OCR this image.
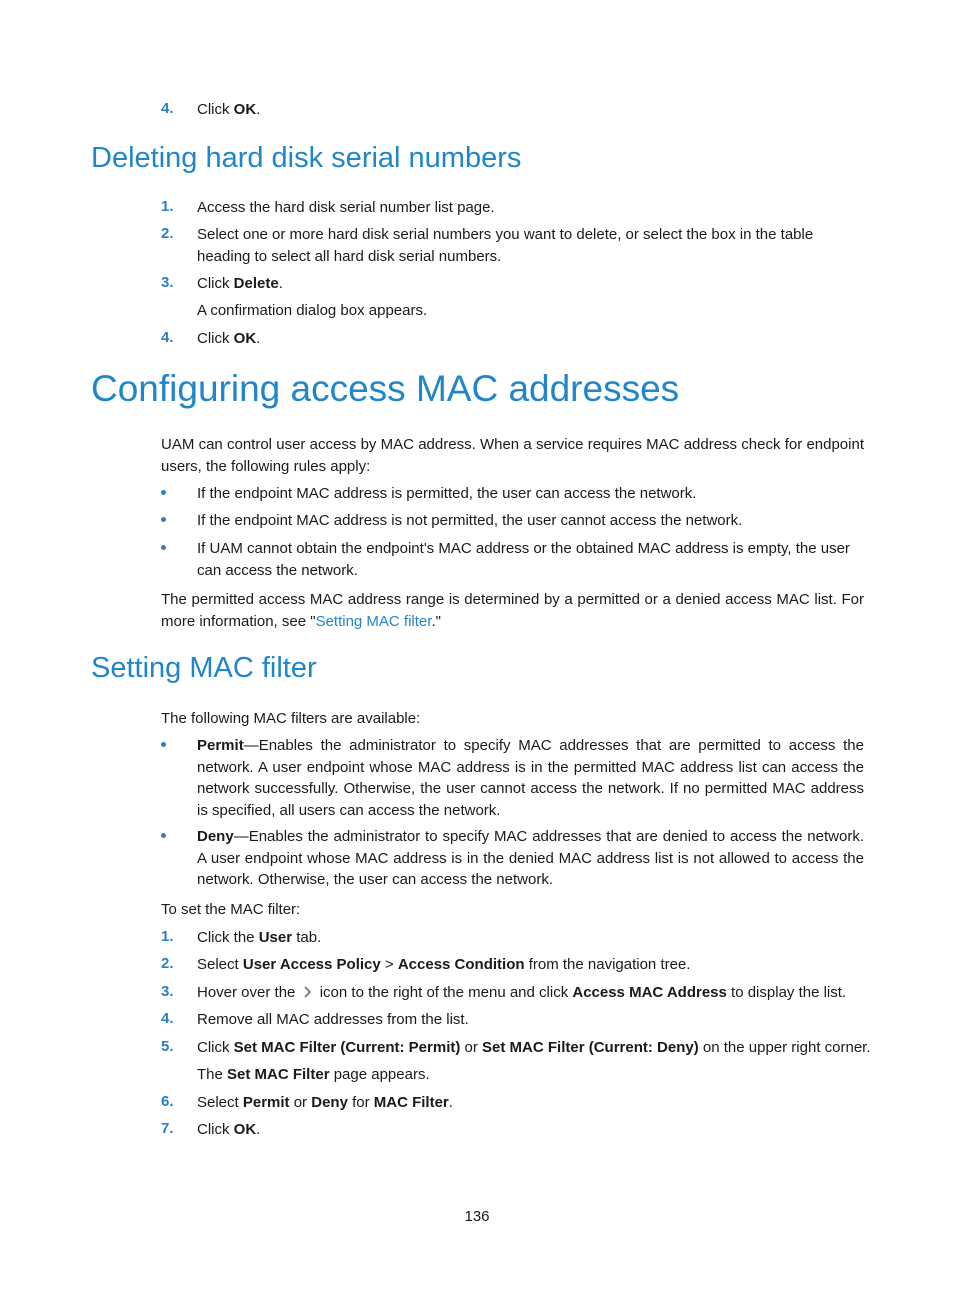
4. Click OK.
Deleting hard disk serial numbers
1. Access the hard disk serial number list page.
2. Select one or more hard disk serial numbers you want to delete, or select the box in the table heading to select all hard disk serial numbers.
3. Click Delete.
A confirmation dialog box appears.
4. Click OK.
Configuring access MAC addresses
UAM can control user access by MAC address. When a service requires MAC address check for endpoint users, the following rules apply:
If the endpoint MAC address is permitted, the user can access the network.
If the endpoint MAC address is not permitted, the user cannot access the network.
If UAM cannot obtain the endpoint's MAC address or the obtained MAC address is empty, the user can access the network.
The permitted access MAC address range is determined by a permitted or a denied access MAC list. For more information, see "Setting MAC filter."
Setting MAC filter
The following MAC filters are available:
Permit—Enables the administrator to specify MAC addresses that are permitted to access the network. A user endpoint whose MAC address is in the permitted MAC address list can access the network successfully. Otherwise, the user cannot access the network. If no permitted MAC address is specified, all users can access the network.
Deny—Enables the administrator to specify MAC addresses that are denied to access the network. A user endpoint whose MAC address is in the denied MAC address list is not allowed to access the network. Otherwise, the user can access the network.
To set the MAC filter:
1. Click the User tab.
2. Select User Access Policy > Access Condition from the navigation tree.
3. Hover over the  icon to the right of the menu and click Access MAC Address to display the list.
4. Remove all MAC addresses from the list.
5. Click Set MAC Filter (Current: Permit) or Set MAC Filter (Current: Deny) on the upper right corner.
The Set MAC Filter page appears.
6. Select Permit or Deny for MAC Filter.
7. Click OK.
136
